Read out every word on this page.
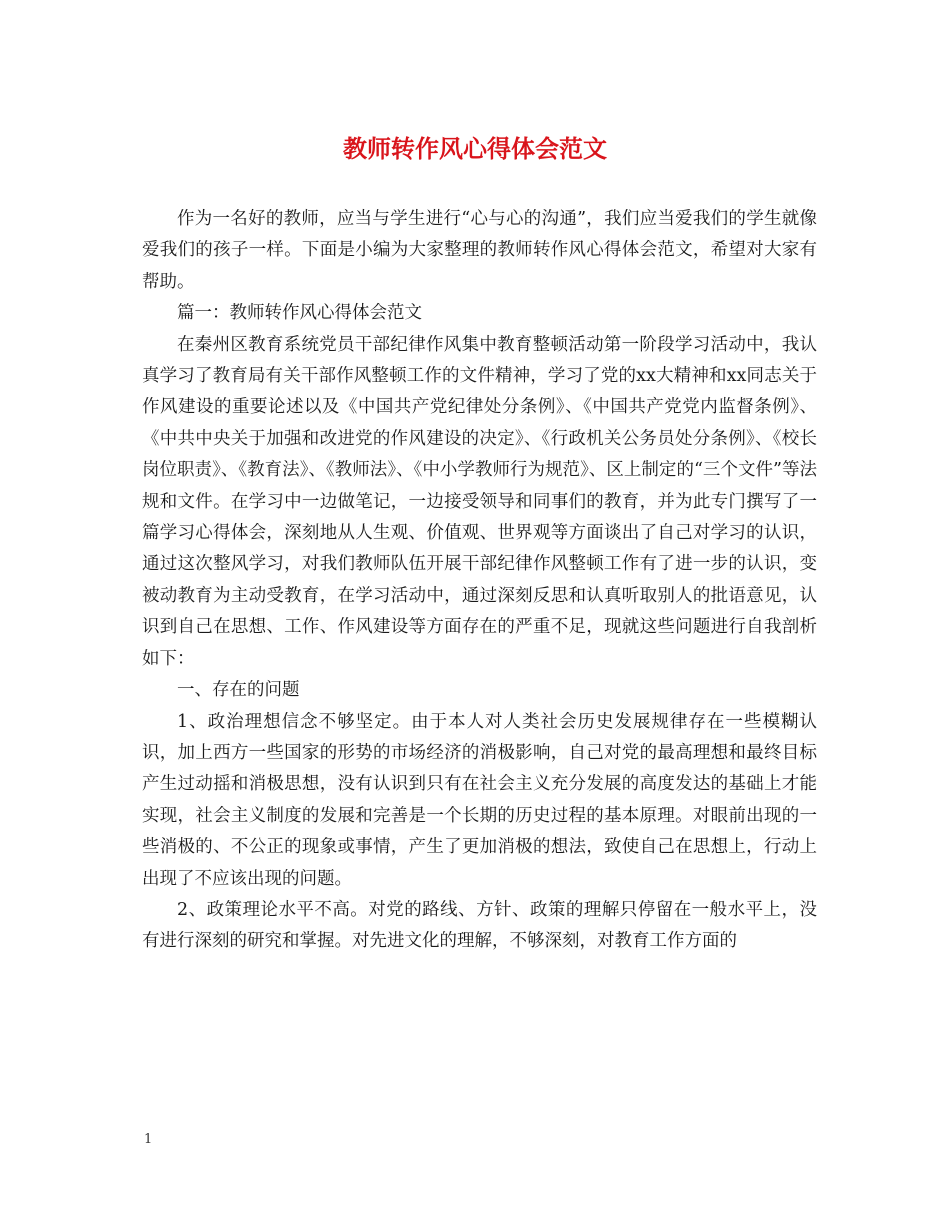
教师转作风心得体会范文

作为一名好的教师，应当与学生进行“心与心的沟通”，我们应当爱我们的学生就像爱我们的孩子一样。下面是小编为大家整理的教师转作风心得体会范文，希望对大家有帮助。

篇一：教师转作风心得体会范文

在秦州区教育系统党员干部纪律作风集中教育整顿活动第一阶段学习活动中，我认真学习了教育局有关干部作风整顿工作的文件精神，学习了党的xx大精神和xx同志关于作风建设的重要论述以及《中国共产党纪律处分条例》、《中国共产党党内监督条例》、《中共中央关于加强和改进党的作风建设的决定》、《行政机关公务员处分条例》、《校长岗位职责》、《教育法》、《教师法》、《中小学教师行为规范》、区上制定的“三个文件”等法规和文件。在学习中一边做笔记，一边接受领导和同事们的教育，并为此专门撰写了一篇学习心得体会，深刻地从人生观、价值观、世界观等方面谈出了自己对学习的认识，通过这次整风学习，对我们教师队伍开展干部纪律作风整顿工作有了进一步的认识，变被动教育为主动受教育，在学习活动中，通过深刻反思和认真听取别人的批语意见，认识到自己在思想、工作、作风建设等方面存在的严重不足，现就这些问题进行自我剖析如下：

一、存在的问题

1、政治理想信念不够坚定。由于本人对人类社会历史发展规律存在一些模糊认识，加上西方一些国家的形势的市场经济的消极影响，自己对党的最高理想和最终目标产生过动摇和消极思想，没有认识到只有在社会主义充分发展的高度发达的基础上才能实现，社会主义制度的发展和完善是一个长期的历史过程的基本原理。对眼前出现的一些消极的、不公正的现象或事情，产生了更加消极的想法，致使自己在思想上，行动上出现了不应该出现的问题。

2、政策理论水平不高。对党的路线、方针、政策的理解只停留在一般水平上，没有进行深刻的研究和掌握。对先进文化的理解，不够深刻，对教育工作方面的

1
